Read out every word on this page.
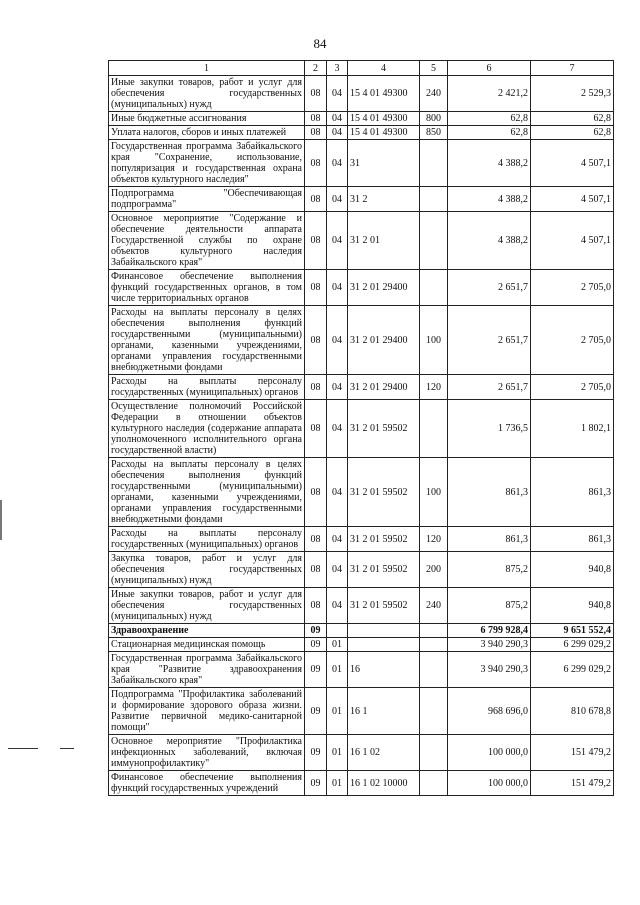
84
1	2	3	4	5	6	7
Иные закупки товаров, работ и услуг для обеспечения государственных (муниципальных) нужд	08	04	15 4 01 49300	240	2 421,2	2 529,3
Иные бюджетные ассигнования	08	04	15 4 01 49300	800	62,8	62,8
Уплата налогов, сборов и иных платежей	08	04	15 4 01 49300	850	62,8	62,8
Государственная программа Забайкальского края "Сохранение, использование, популяризация и государственная охрана объектов культурного наследия"	08	04	31		4 388,2	4 507,1
Подпрограмма "Обеспечивающая подпрограмма"	08	04	31 2		4 388,2	4 507,1
Основное мероприятие "Содержание и обеспечение деятельности аппарата Государственной службы по охране объектов культурного наследия Забайкальского края"	08	04	31 2 01		4 388,2	4 507,1
Финансовое обеспечение выполнения функций государственных органов, в том числе территориальных органов	08	04	31 2 01 29400		2 651,7	2 705,0
Расходы на выплаты персоналу в целях обеспечения выполнения функций государственными (муниципальными) органами, казенными учреждениями, органами управления государственными внебюджетными фондами	08	04	31 2 01 29400	100	2 651,7	2 705,0
Расходы на выплаты персоналу государственных (муниципальных) органов	08	04	31 2 01 29400	120	2 651,7	2 705,0
Осуществление полномочий Российской Федерации в отношении объектов культурного наследия (содержание аппарата уполномоченного исполнительного органа государственной власти)	08	04	31 2 01 59502		1 736,5	1 802,1
Расходы на выплаты персоналу в целях обеспечения выполнения функций государственными (муниципальными) органами, казенными учреждениями, органами управления государственными внебюджетными фондами	08	04	31 2 01 59502	100	861,3	861,3
Расходы на выплаты персоналу государственных (муниципальных) органов	08	04	31 2 01 59502	120	861,3	861,3
Закупка товаров, работ и услуг для обеспечения государственных (муниципальных) нужд	08	04	31 2 01 59502	200	875,2	940,8
Иные закупки товаров, работ и услуг для обеспечения государственных (муниципальных) нужд	08	04	31 2 01 59502	240	875,2	940,8
Здравоохранение	09				6 799 928,4	9 651 552,4
Стационарная медицинская помощь	09	01			3 940 290,3	6 299 029,2
Государственная программа Забайкальского края "Развитие здравоохранения Забайкальского края"	09	01	16		3 940 290,3	6 299 029,2
Подпрограмма "Профилактика заболеваний и формирование здорового образа жизни. Развитие первичной медико-санитарной помощи"	09	01	16 1		968 696,0	810 678,8
Основное мероприятие "Профилактика инфекционных заболеваний, включая иммунопрофилактику"	09	01	16 1 02		100 000,0	151 479,2
Финансовое обеспечение выполнения функций государственных учреждений	09	01	16 1 02 10000		100 000,0	151 479,2
